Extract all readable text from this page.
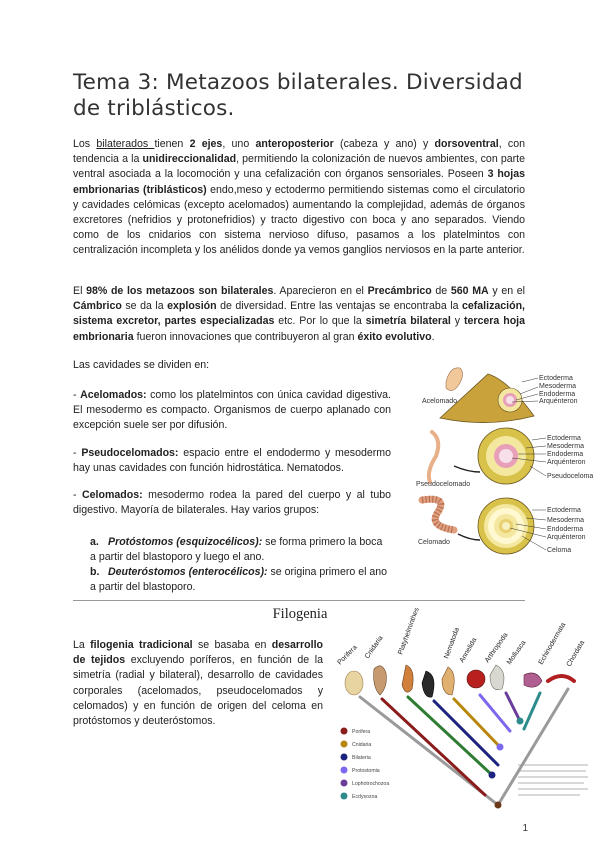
Tema 3: Metazoos bilaterales. Diversidad de triblásticos.
Los bilaterados tienen 2 ejes, uno anteroposterior (cabeza y ano) y dorsoventral, con tendencia a la unidireccionalidad, permitiendo la colonización de nuevos ambientes, con parte ventral asociada a la locomoción y una cefalización con órganos sensoriales. Poseen 3 hojas embrionarias (triblásticos) endo,meso y ectodermo permitiendo sistemas como el circulatorio y cavidades celómicas (excepto acelomados) aumentando la complejidad, además de órganos excretores (nefridios y protonefridios) y tracto digestivo con boca y ano separados. Viendo como de los cnidarios con sistema nervioso difuso, pasamos a los platelmintos con centralización incompleta y los anélidos donde ya vemos ganglios nerviosos en la parte anterior.
El 98% de los metazoos son bilaterales. Aparecieron en el Precámbrico de 560 MA y en el Cámbrico se da la explosión de diversidad. Entre las ventajas se encontraba la cefalización, sistema excretor, partes especializadas etc. Por lo que la simetría bilateral y tercera hoja embrionaria fueron innovaciones que contribuyeron al gran éxito evolutivo.
Las cavidades se dividen en:
- Acelomados: como los platelmintos con única cavidad digestiva. El mesodermo es compacto. Organismos de cuerpo aplanado con excepción suele ser por difusión.
- Pseudocelomados: espacio entre el endodermo y mesodermo hay unas cavidades con función hidrostática. Nematodos.
- Celomados: mesodermo rodea la pared del cuerpo y al tubo digestivo. Mayoría de bilaterales. Hay varios grupos:
a. Protóstomos (esquizocélicos): se forma primero la boca a partir del blastoporo y luego el ano.
b. Deuteróstomos (enterocélicos): se origina primero el ano a partir del blastoporo.
Ectoderma
Mesoderma
Endoderma
Arquénteron
Acelomado
Ectoderma
Mesoderma
Endoderma
Arquénteron
Pseudoceloma
Pseudocelomado
Ectoderma
Mesoderma
Endoderma
Arquénteron
Celoma
Celomado
Filogenia
La filogenia tradicional se basaba en desarrollo de tejidos excluyendo poríferos, en función de la simetría (radial y bilateral), desarrollo de cavidades corporales (acelomados, pseudocelomados y celomados) y en función de origen del celoma en protóstomos y deuteróstomos.
Porifera Cnidaria Platyhelminthes	Nematoda
Annelida Arthropoda
Mollusca Echinodermata
Chordata
Porifera
Cnidaria
Bilateria
Protostomia
Lophotrochozoa
Ecdysozoa
1
